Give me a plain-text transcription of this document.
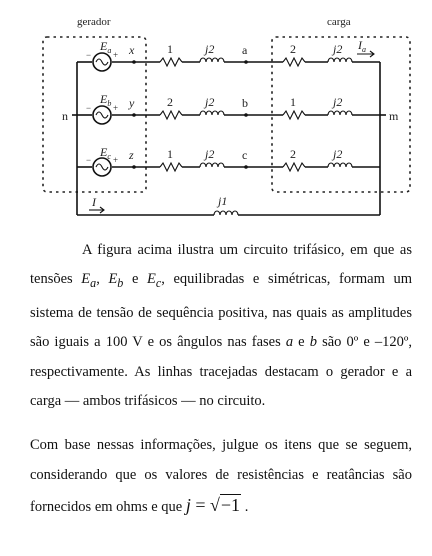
gerador	carga
n	m
$E_a$
$E_b$
$E_c$
− +
− +
− +
x
y
z
1	j2 a
2	j2 b
1	j2 c
2	j2
1	j2
2	j2
$I_a$
j1
I

A figura acima ilustra um circuito trifásico, em que as tensões $E_a$, $E_b$ e $E_c$, equilibradas e simétricas, formam um sistema de tensão de sequência positiva, nas quais as amplitudes são iguais a 100 V e os ângulos nas fases a e b são 0º e –120º, respectivamente. As linhas tracejadas destacam o gerador e a carga — ambos trifásicos — no circuito.

Com base nessas informações, julgue os itens que se seguem, considerando que os valores de resistências e reatâncias são fornecidos em ohms e que j = √−1 .
